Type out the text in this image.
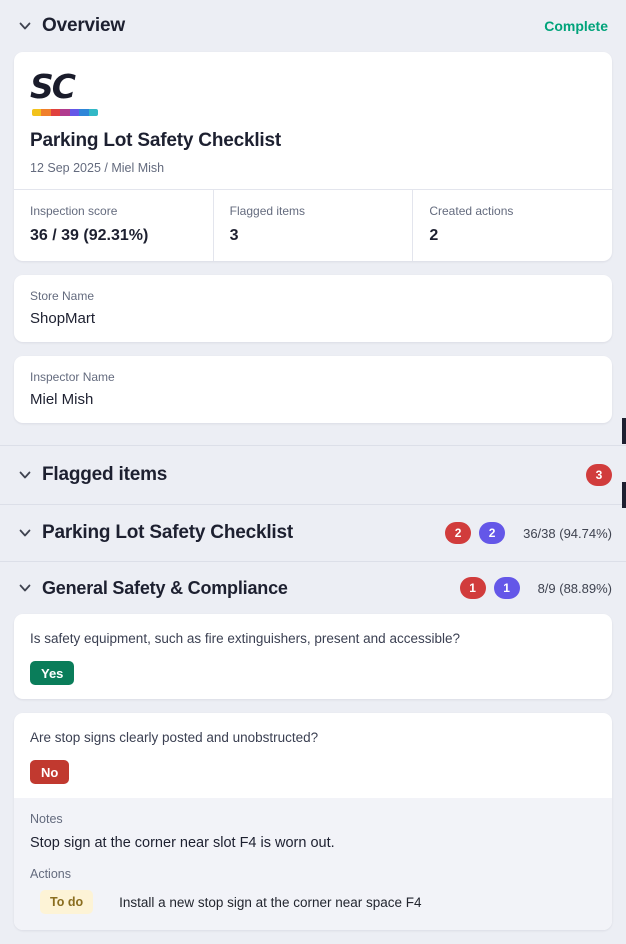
Overview	Complete
SC
Parking Lot Safety Checklist
12 Sep 2025 / Miel Mish
Inspection score
36 / 39 (92.31%)
Flagged items
3
Created actions
2
Store Name
ShopMart
Inspector Name
Miel Mish
Flagged items	3
Parking Lot Safety Checklist	2	2	36/38 (94.74%)
General Safety & Compliance	1	1	8/9 (88.89%)
Is safety equipment, such as fire extinguishers, present and accessible?
Yes
Are stop signs clearly posted and unobstructed?
No
Notes
Stop sign at the corner near slot F4 is worn out.
Actions
To do	Install a new stop sign at the corner near space F4
